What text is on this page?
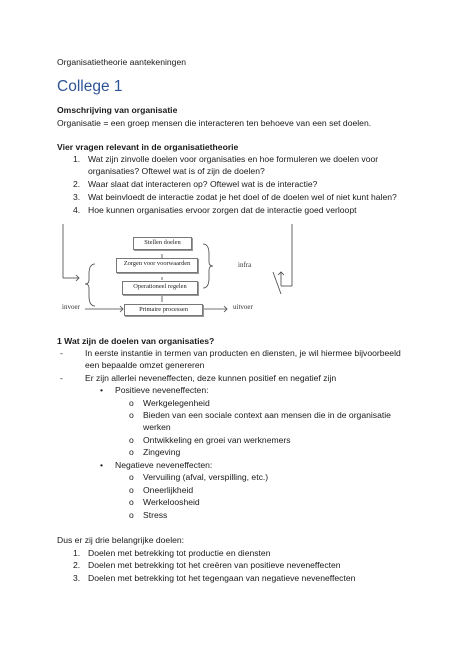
Organisatietheorie aantekeningen
College 1
Omschrijving van organisatie
Organisatie = een groep mensen die interacteren ten behoeve van een set doelen.
Vier vragen relevant in de organisatietheorie
1. Wat zijn zinvolle doelen voor organisaties en hoe formuleren we doelen voor
organisaties? Oftewel wat is of zijn de doelen?
2. Waar slaat dat interacteren op? Oftewel wat is de interactie?
3. Wat beinvloedt de interactie zodat je het doel of de doelen wel of niet kunt halen?
4. Hoe kunnen organisaties ervoor zorgen dat de interactie goed verloopt
Stellen doelen
Zorgen voor voorwaarden
Operationeel regelen
Primaire processen
infra
invoer	uitvoer
1 Wat zijn de doelen van organisaties?
-	In eerste instantie in termen van producten en diensten, je wil hiermee bijvoorbeeld
een bepaalde omzet genereren
-	Er zijn allerlei neveneffecten, deze kunnen positief en negatief zijn
• Positieve neveneffecten:
o Werkgelegenheid
o Bieden van een sociale context aan mensen die in de organisatie
werken
o Ontwikkeling en groei van werknemers
o Zingeving
• Negatieve neveneffecten:
o Vervuiling (afval, verspilling, etc.)
o Oneerlijkheid
o Werkeloosheid
o Stress
Dus er zij drie belangrijke doelen:
1. Doelen met betrekking tot productie en diensten
2. Doelen met betrekking tot het creëren van positieve neveneffecten
3. Doelen met betrekking tot het tegengaan van negatieve neveneffecten
